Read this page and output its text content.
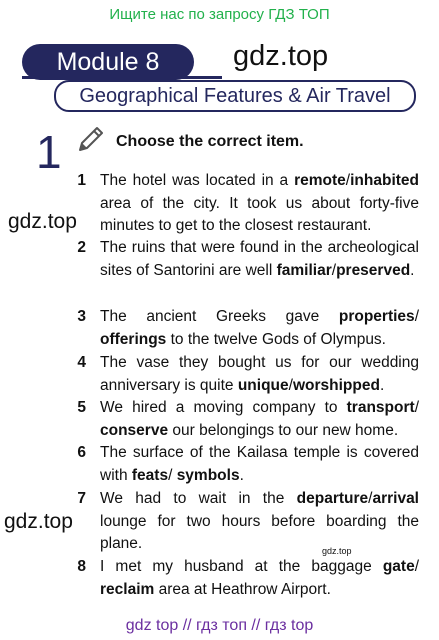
Ищите нас по запросу ГДЗ ТОП
Module 8	gdz.top
Geographical Features & Air Travel
1	Choose the correct item.
gdz.top
gdz.top
gdz.top
1 The hotel was located in a remote/inhabited area of the city. It took us about forty-five minutes to get to the closest restaurant.
2 The ruins that were found in the archeological sites of Santorini are well familiar/preserved.
3 The ancient Greeks gave properties/ offerings to the twelve Gods of Olympus.
4 The vase they bought us for our wedding anniversary is quite unique/worshipped.
5 We hired a moving company to transport/ conserve our belongings to our new home.
6 The surface of the Kailasa temple is covered with feats/ symbols.
7 We had to wait in the departure/arrival lounge for two hours before boarding the plane.
8 I met my husband at the baggage gate/ reclaim area at Heathrow Airport.
gdz top // гдз топ // гдз top
